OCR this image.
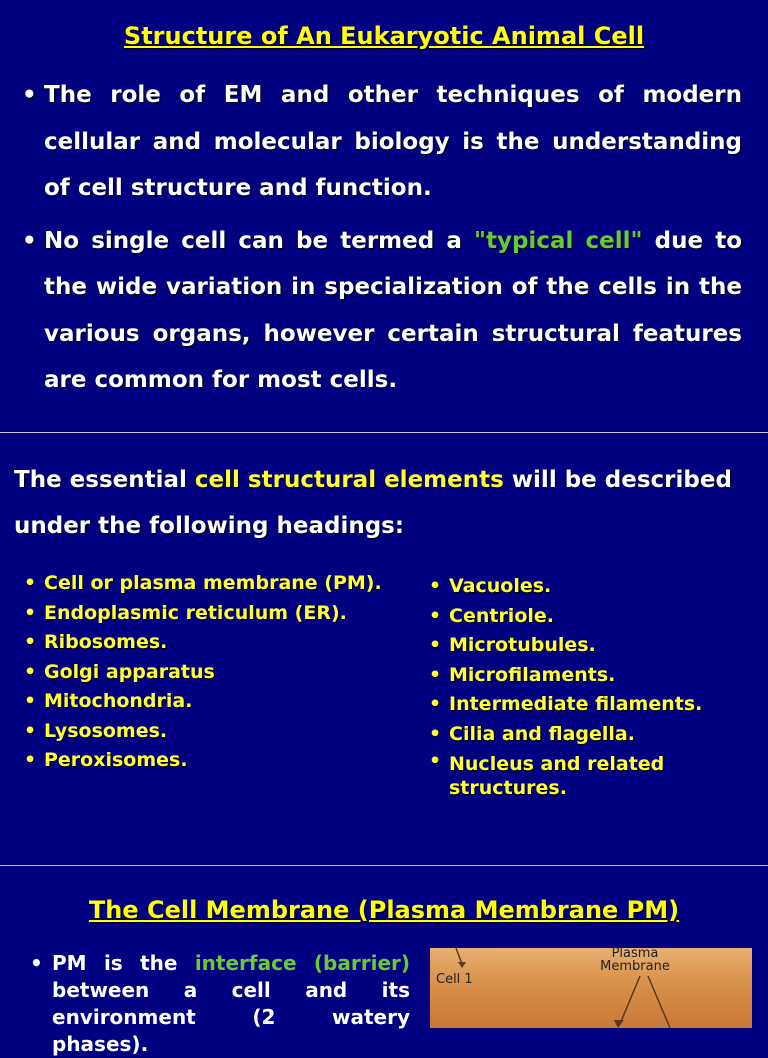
Structure of An Eukaryotic Animal Cell
• The role of EM and other techniques of modern cellular and molecular biology is the understanding of cell structure and function.
• No single cell can be termed a "typical cell" due to the wide variation in specialization of the cells in the various organs, however certain structural features are common for most cells.
The essential cell structural elements will be described under the following headings:
• Cell or plasma membrane (PM).
• Endoplasmic reticulum (ER).
• Ribosomes.
• Golgi apparatus
• Mitochondria.
• Lysosomes.
• Peroxisomes.
• Vacuoles.
• Centriole.
• Microtubules.
• Microfilaments.
• Intermediate filaments.
• Cilia and flagella.
• Nucleus and related structures.
The Cell Membrane (Plasma Membrane PM)
• PM is the interface (barrier) between a cell and its environment (2 watery phases).
Plasma
Membrane
Cell 1
